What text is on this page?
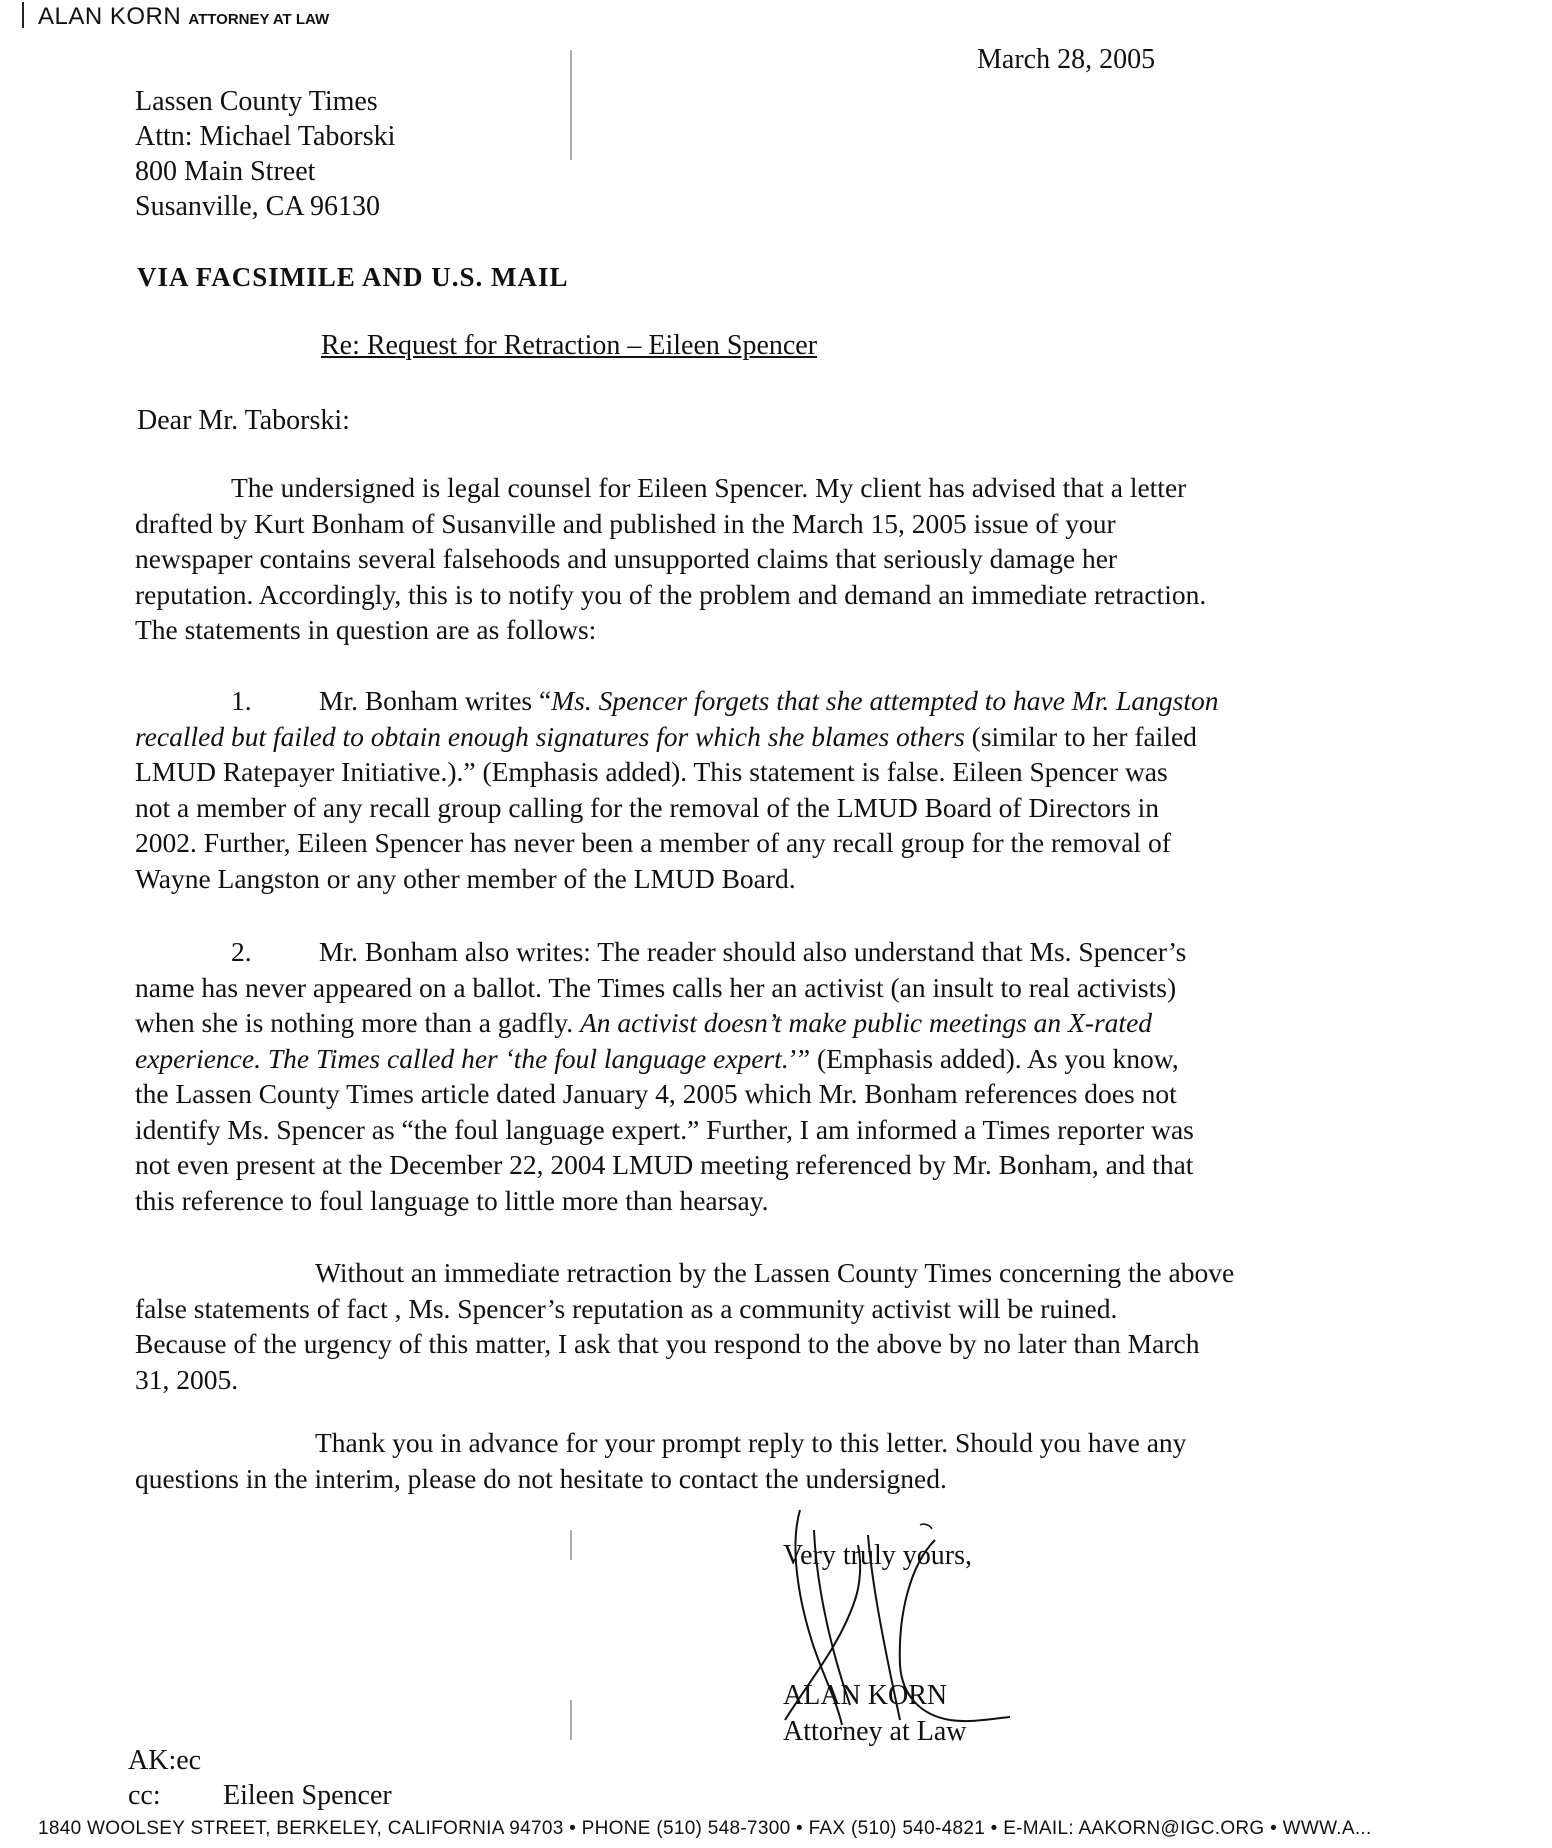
ALAN KORN ATTORNEY AT LAW
March 28, 2005
Lassen County Times
Attn: Michael Taborski
800 Main Street
Susanville, CA 96130
VIA FACSIMILE AND U.S. MAIL
Re: Request for Retraction – Eileen Spencer
Dear Mr. Taborski:
The undersigned is legal counsel for Eileen Spencer. My client has advised that a letter
drafted by Kurt Bonham of Susanville and published in the March 15, 2005 issue of your
newspaper contains several falsehoods and unsupported claims that seriously damage her
reputation. Accordingly, this is to notify you of the problem and demand an immediate retraction.
The statements in question are as follows:
1. Mr. Bonham writes “Ms. Spencer forgets that she attempted to have Mr. Langston
recalled but failed to obtain enough signatures for which she blames others (similar to her failed
LMUD Ratepayer Initiative.).” (Emphasis added). This statement is false. Eileen Spencer was
not a member of any recall group calling for the removal of the LMUD Board of Directors in
2002. Further, Eileen Spencer has never been a member of any recall group for the removal of
Wayne Langston or any other member of the LMUD Board.
2. Mr. Bonham also writes: The reader should also understand that Ms. Spencer’s
name has never appeared on a ballot. The Times calls her an activist (an insult to real activists)
when she is nothing more than a gadfly. An activist doesn’t make public meetings an X-rated
experience. The Times called her ‘the foul language expert.’” (Emphasis added). As you know,
the Lassen County Times article dated January 4, 2005 which Mr. Bonham references does not
identify Ms. Spencer as “the foul language expert.” Further, I am informed a Times reporter was
not even present at the December 22, 2004 LMUD meeting referenced by Mr. Bonham, and that
this reference to foul language to little more than hearsay.
Without an immediate retraction by the Lassen County Times concerning the above
false statements of fact , Ms. Spencer’s reputation as a community activist will be ruined.
Because of the urgency of this matter, I ask that you respond to the above by no later than March
31, 2005.
Thank you in advance for your prompt reply to this letter. Should you have any
questions in the interim, please do not hesitate to contact the undersigned.
Very truly yours,
ALAN KORN
Attorney at Law
AK:ec
cc: Eileen Spencer
1840 WOOLSEY STREET, BERKELEY, CALIFORNIA 94703 • PHONE (510) 548-7300 • FAX (510) 540-4821 • E-MAIL: AAKORN@IGC.ORG • WWW.A...
